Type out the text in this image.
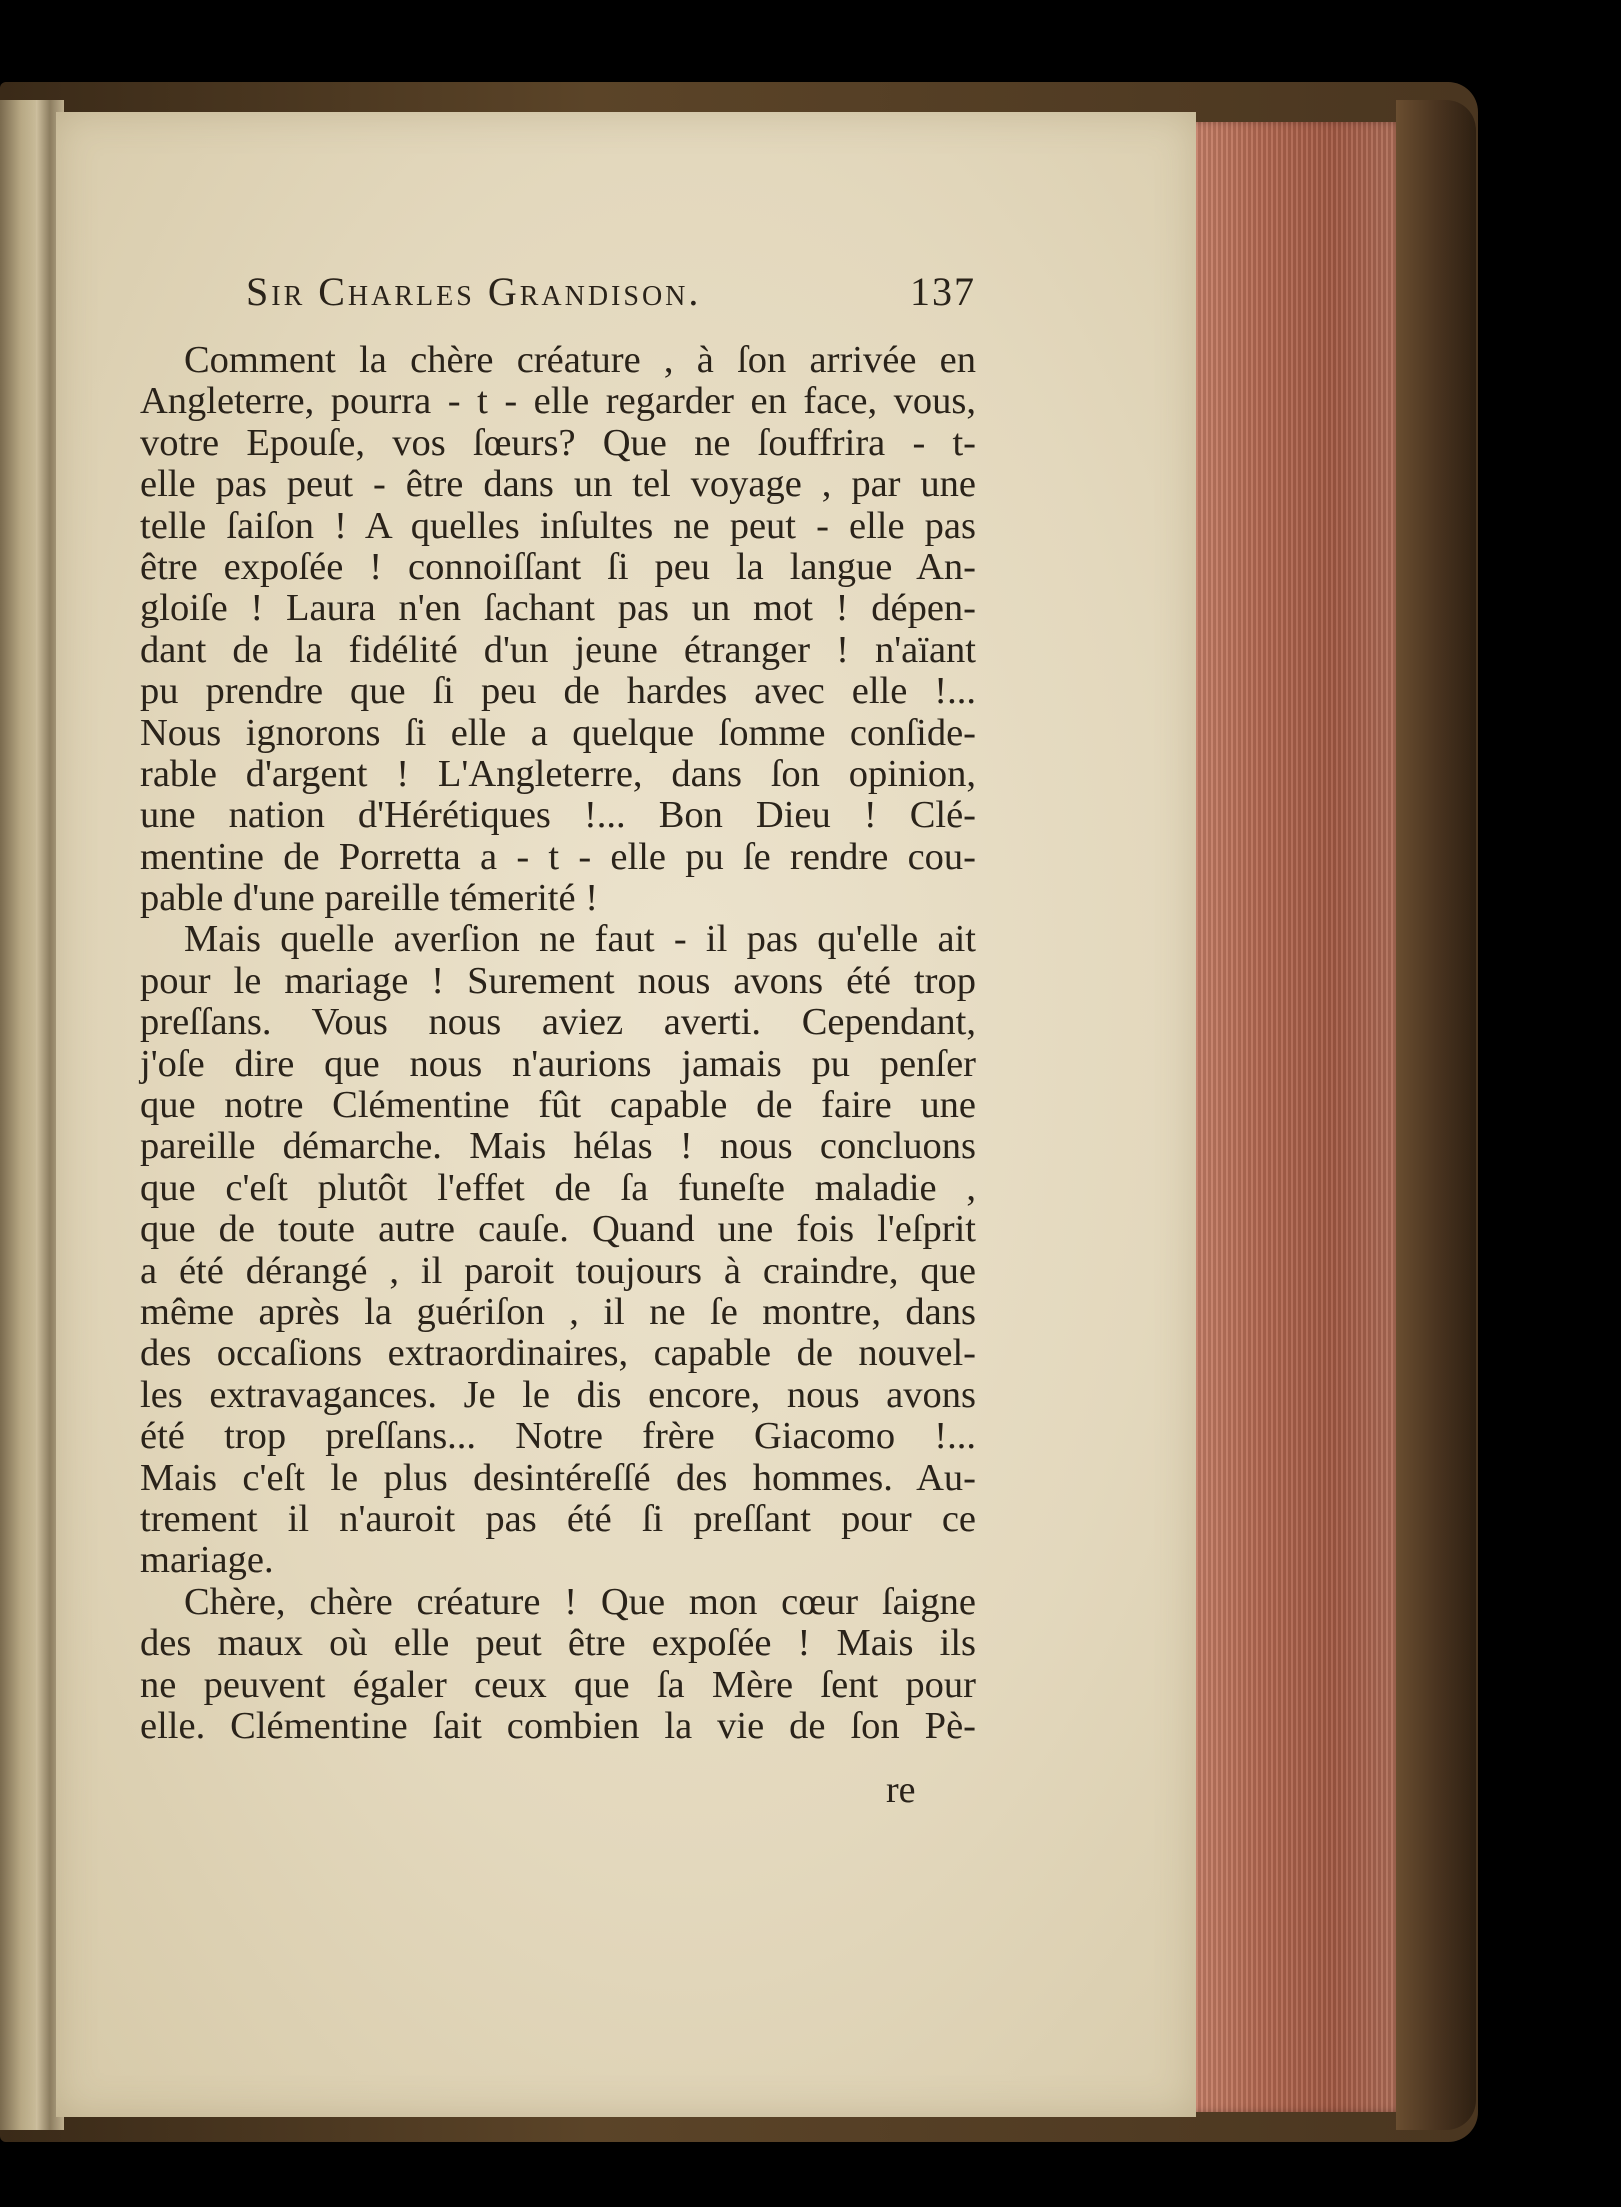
Sir Charles Grandison.	137
Comment la chère créature , à ſon arrivée en
Angleterre, pourra - t - elle regarder en face, vous,
votre Epouſe, vos ſœurs? Que ne ſouffrira - t-
elle pas peut - être dans un tel voyage , par une
telle ſaiſon ! A quelles inſultes ne peut - elle pas
être expoſée ! connoiſſant ſi peu la langue An-
gloiſe ! Laura n'en ſachant pas un mot ! dépen-
dant de la fidélité d'un jeune étranger ! n'aïant
pu prendre que ſi peu de hardes avec elle !...
Nous ignorons ſi elle a quelque ſomme conſide-
rable d'argent ! L'Angleterre, dans ſon opinion,
une nation d'Hérétiques !... Bon Dieu ! Clé-
mentine de Porretta a - t - elle pu ſe rendre cou-
pable d'une pareille témerité !
Mais quelle averſion ne faut - il pas qu'elle ait
pour le mariage ! Surement nous avons été trop
preſſans. Vous nous aviez averti. Cependant,
j'oſe dire que nous n'aurions jamais pu penſer
que notre Clémentine fût capable de faire une
pareille démarche. Mais hélas ! nous concluons
que c'eſt plutôt l'effet de ſa funeſte maladie ,
que de toute autre cauſe. Quand une fois l'eſprit
a été dérangé , il paroit toujours à craindre, que
même après la guériſon , il ne ſe montre, dans
des occaſions extraordinaires, capable de nouvel-
les extravagances. Je le dis encore, nous avons
été trop preſſans... Notre frère Giacomo !...
Mais c'eſt le plus desintéreſſé des hommes. Au-
trement il n'auroit pas été ſi preſſant pour ce
mariage.
Chère, chère créature ! Que mon cœur ſaigne
des maux où elle peut être expoſée ! Mais ils
ne peuvent égaler ceux que ſa Mère ſent pour
elle. Clémentine ſait combien la vie de ſon Pè-
re
